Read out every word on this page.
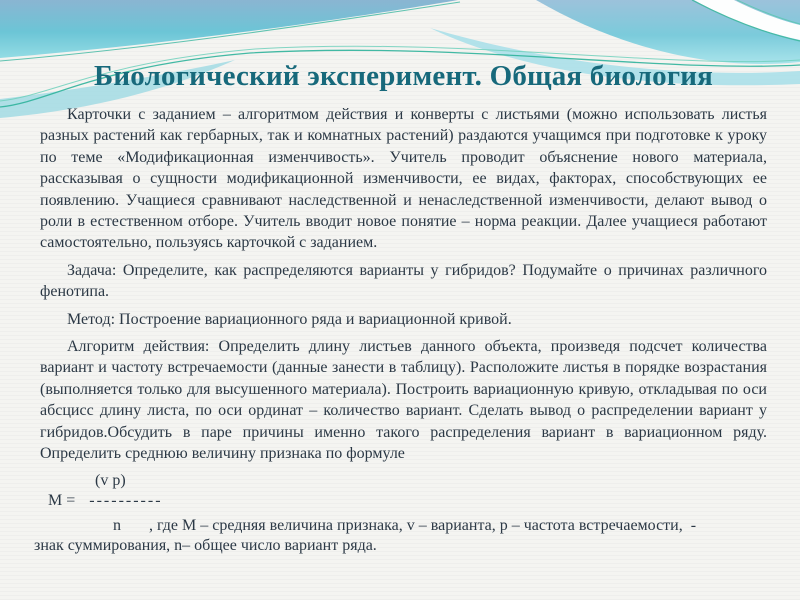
Биологический эксперимент. Общая биология

Карточки с заданием – алгоритмом действия и конверты с листьями (можно использовать листья разных растений как гербарных, так и комнатных растений) раздаются учащимся при подготовке к уроку по теме «Модификационная изменчивость». Учитель проводит объяснение нового материала, рассказывая о сущности модификационной изменчивости, ее видах, факторах, способствующих ее появлению. Учащиеся сравнивают наследственной и ненаследственной изменчивости, делают вывод о роли в естественном отборе. Учитель вводит новое понятие – норма реакции. Далее учащиеся работают самостоятельно, пользуясь карточкой с заданием.

Задача: Определите, как распределяются варианты у гибридов? Подумайте о причинах различного фенотипа.

Метод: Построение вариационного ряда и вариационной кривой.

Алгоритм действия: Определить длину листьев данного объекта, произведя подсчет количества вариант и частоту встречаемости (данные занести в таблицу). Расположите листья в порядке возрастания (выполняется только для высушенного материала). Построить вариационную кривую, откладывая по оси абсцисс длину листа, по оси ординат – количество вариант. Сделать вывод о распределении вариант у гибридов.Обсудить в паре причины именно такого распределения вариант в вариационном ряду. Определить среднюю величину признака по формуле

(v p)
М = ----------
n , где М – средняя величина признака, v – варианта, р – частота встречаемости,  -
знак суммирования, n– общее число вариант ряда.
